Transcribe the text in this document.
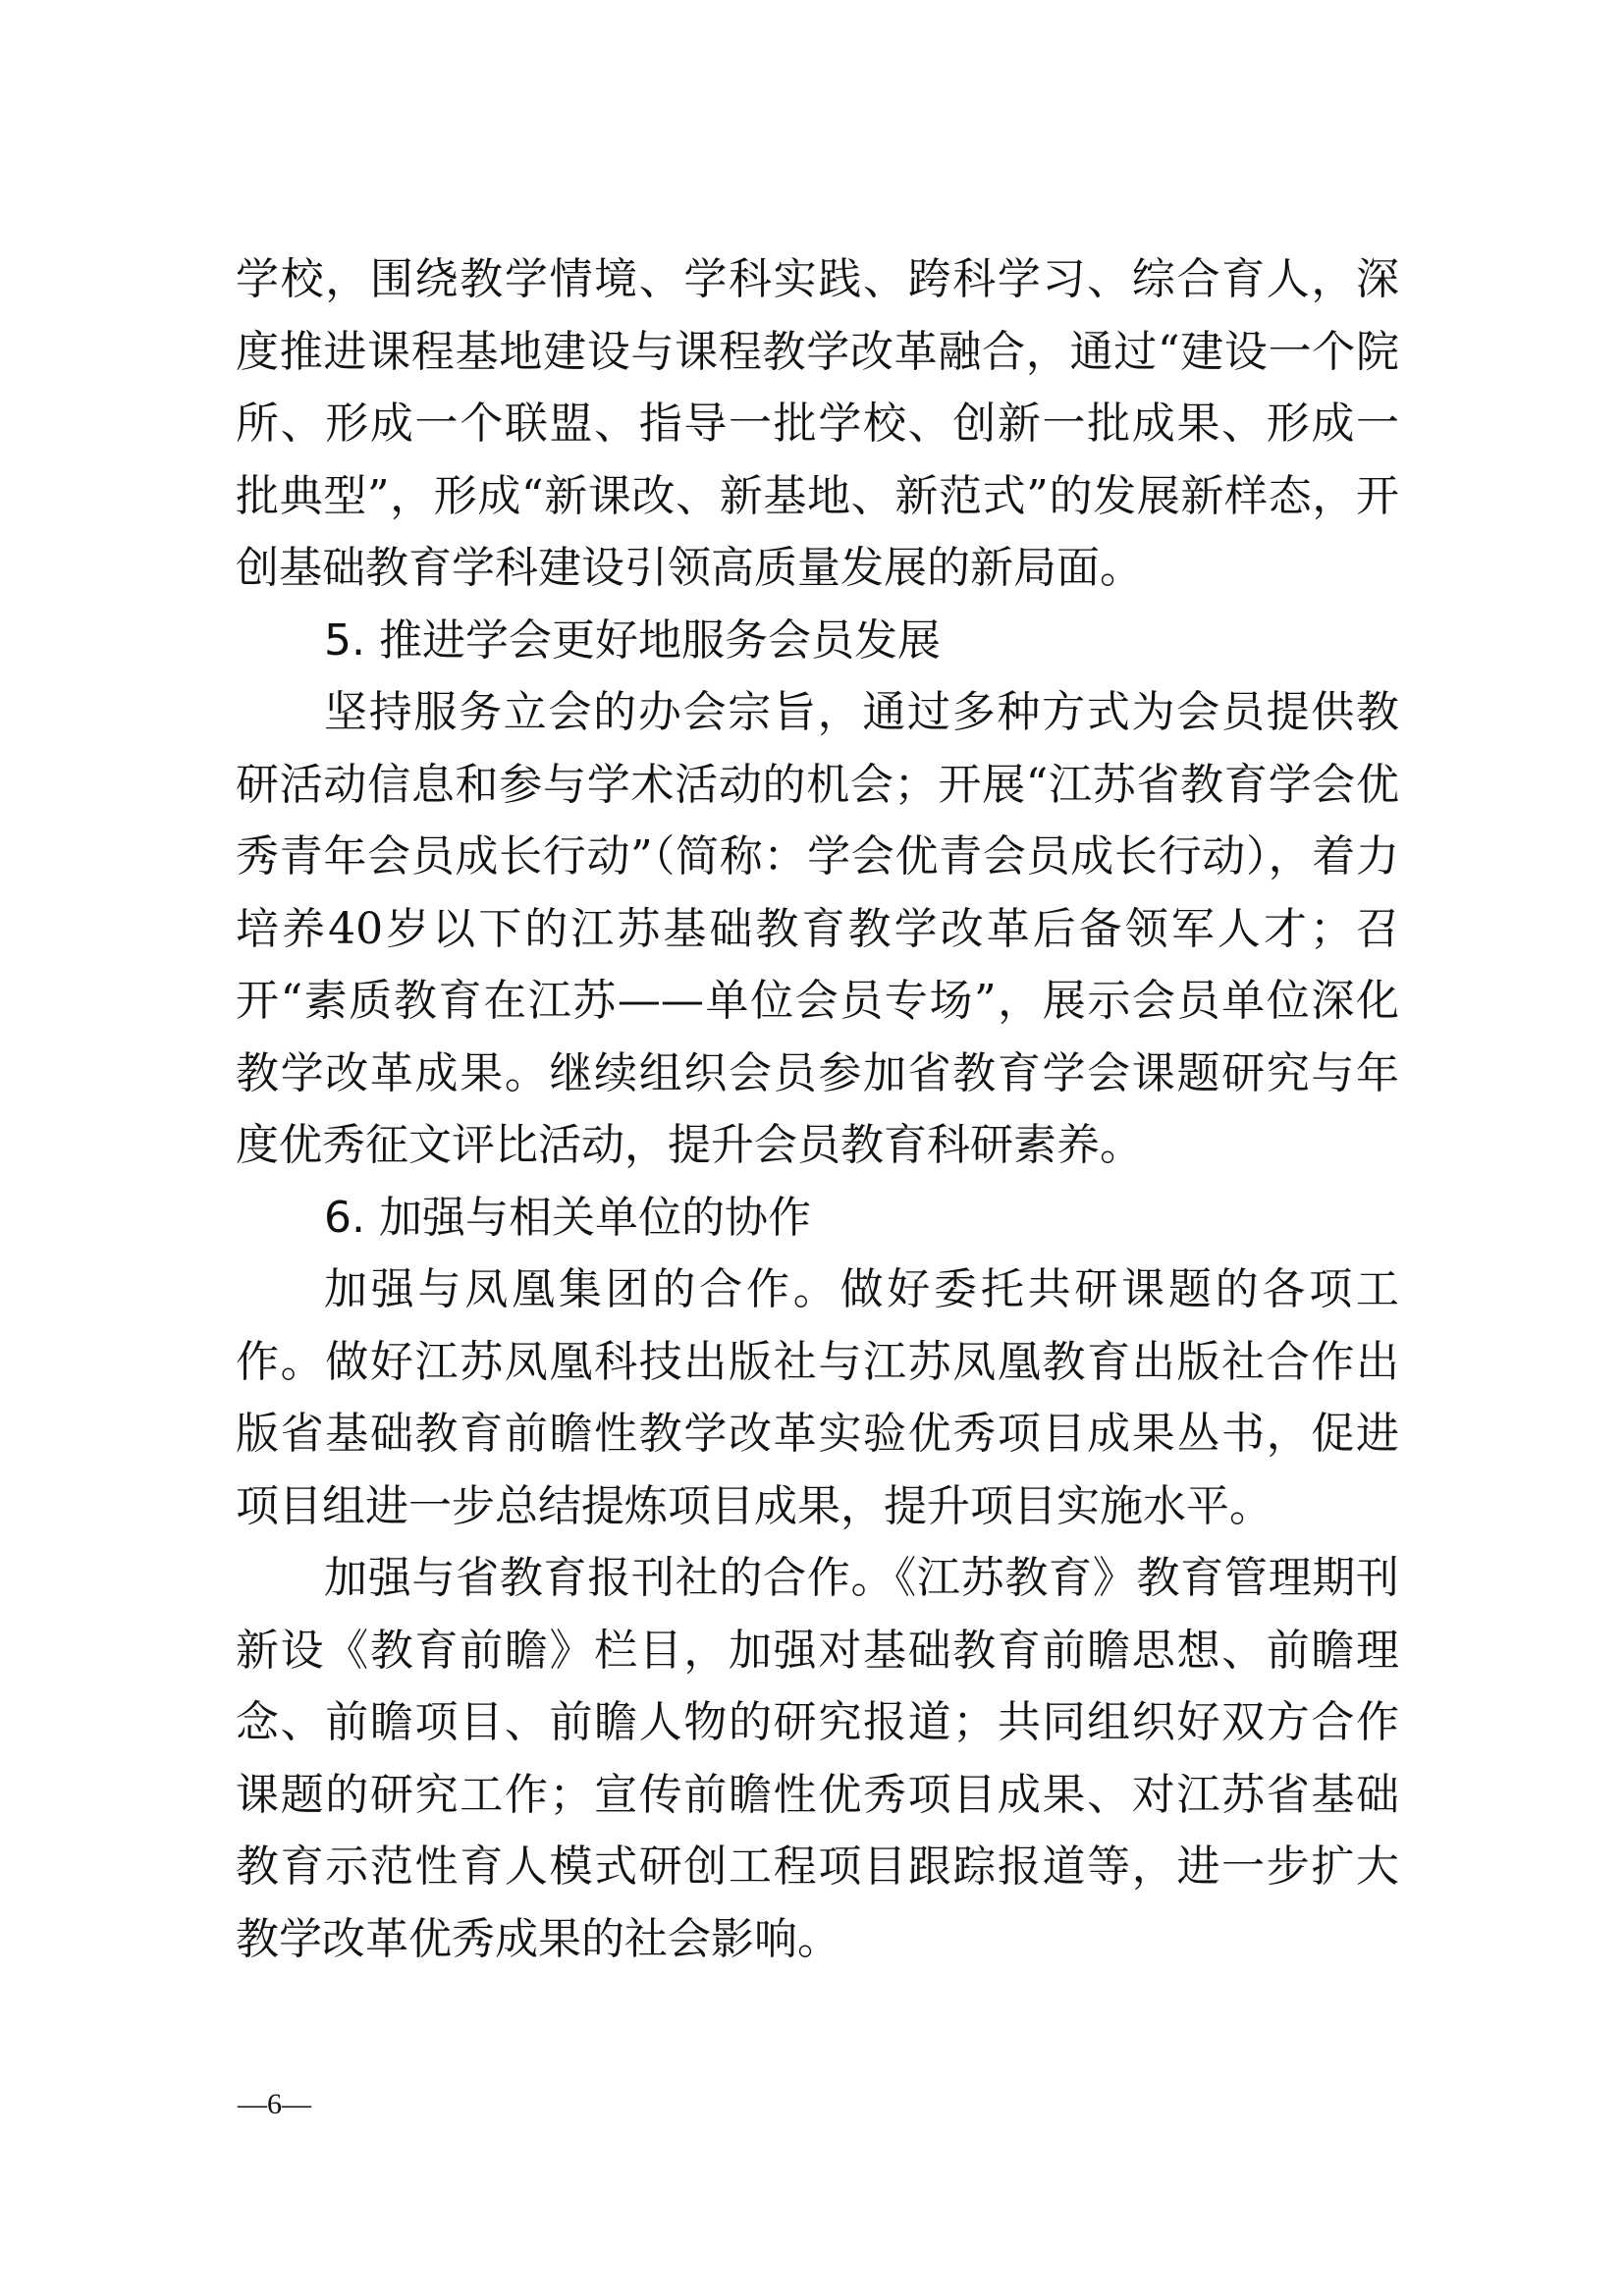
学校，围绕教学情境、学科实践、跨科学习、综合育人，深度推进课程基地建设与课程教学改革融合，通过“建设一个院所、形成一个联盟、指导一批学校、创新一批成果、形成一批典型”，形成“新课改、新基地、新范式”的发展新样态，开创基础教育学科建设引领高质量发展的新局面。

5. 推进学会更好地服务会员发展

坚持服务立会的办会宗旨，通过多种方式为会员提供教研活动信息和参与学术活动的机会；开展“江苏省教育学会优秀青年会员成长行动”（简称：学会优青会员成长行动），着力培养40岁以下的江苏基础教育教学改革后备领军人才；召开“素质教育在江苏——单位会员专场”，展示会员单位深化教学改革成果。继续组织会员参加省教育学会课题研究与年度优秀征文评比活动，提升会员教育科研素养。

6. 加强与相关单位的协作

加强与凤凰集团的合作。做好委托共研课题的各项工作。做好江苏凤凰科技出版社与江苏凤凰教育出版社合作出版省基础教育前瞻性教学改革实验优秀项目成果丛书，促进项目组进一步总结提炼项目成果，提升项目实施水平。

加强与省教育报刊社的合作。《江苏教育》教育管理期刊新设《教育前瞻》栏目，加强对基础教育前瞻思想、前瞻理念、前瞻项目、前瞻人物的研究报道；共同组织好双方合作课题的研究工作；宣传前瞻性优秀项目成果、对江苏省基础教育示范性育人模式研创工程项目跟踪报道等，进一步扩大教学改革优秀成果的社会影响。

—6—
